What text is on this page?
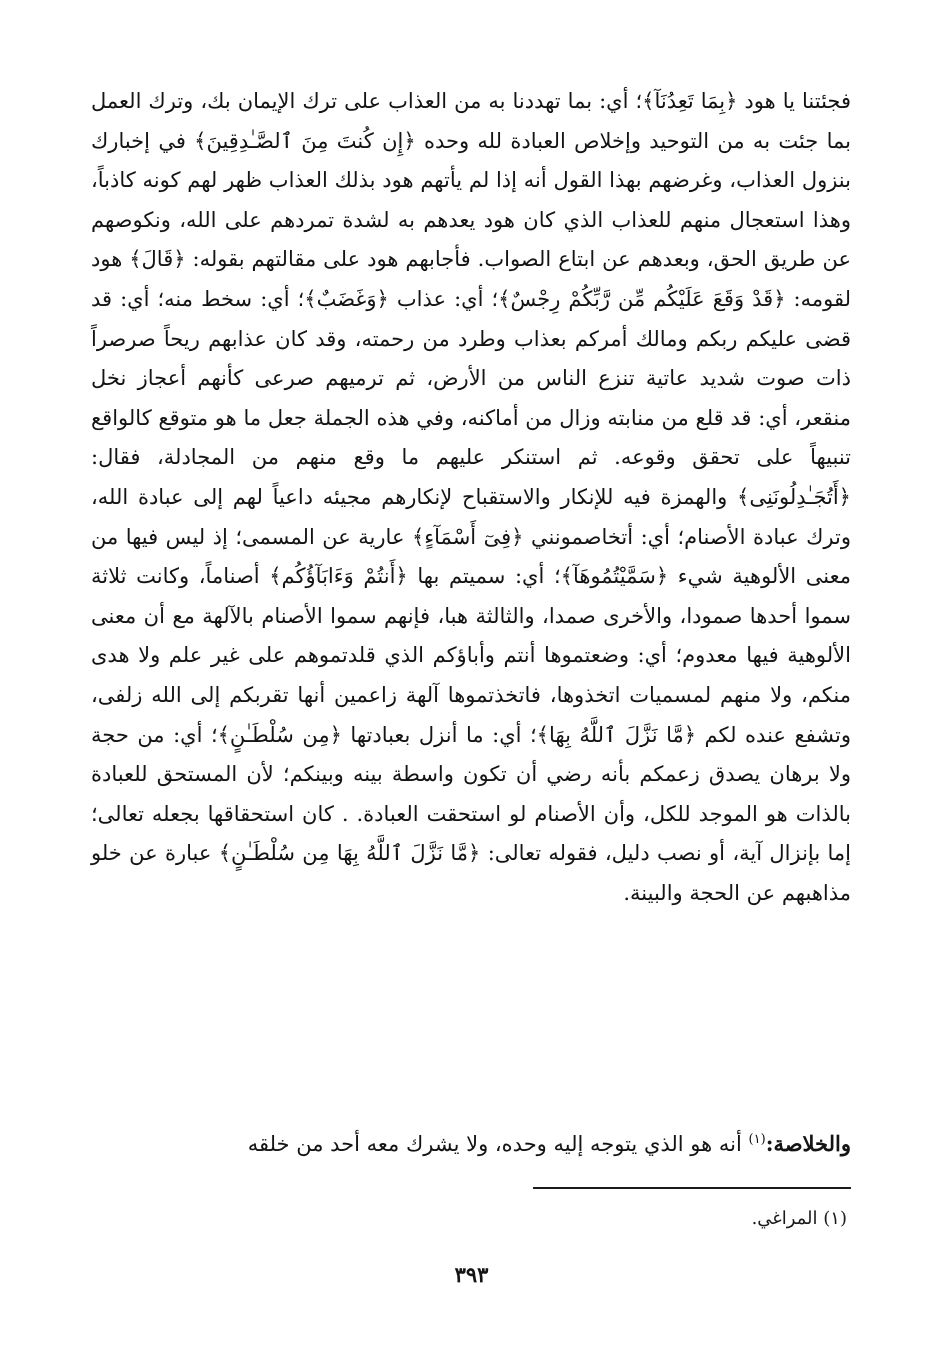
فجئتنا يا هود ﴿بِمَا تَعِدُنَآ﴾؛ أي: بما تهددنا به من العذاب على ترك الإيمان بك، وترك العمل بما جئت به من التوحيد وإخلاص العبادة لله وحده ﴿إِن كُنتَ مِنَ ٱلصَّـٰدِقِينَ﴾ في إخبارك بنزول العذاب، وغرضهم بهذا القول أنه إذا لم يأتهم هود بذلك العذاب ظهر لهم كونه كاذباً، وهذا استعجال منهم للعذاب الذي كان هود يعدهم به لشدة تمردهم على الله، ونكوصهم عن طريق الحق، وبعدهم عن ابتاع الصواب. فأجابهم هود على مقالتهم بقوله: ﴿قَالَ﴾ هود لقومه: ﴿قَدْ وَقَعَ عَلَيْكُم مِّن رَّبِّكُمْ رِجْسٌ﴾؛ أي: عذاب ﴿وَغَضَبٌ﴾؛ أي: سخط منه؛ أي: قد قضى عليكم ربكم ومالك أمركم بعذاب وطرد من رحمته، وقد كان عذابهم ريحاً صرصراً ذات صوت شديد عاتية تنزع الناس من الأرض، ثم ترميهم صرعى كأنهم أعجاز نخل منقعر، أي: قد قلع من منابته وزال من أماكنه، وفي هذه الجملة جعل ما هو متوقع كالواقع تنبيهاً على تحقق وقوعه. ثم استنكر عليهم ما وقع منهم من المجادلة، فقال: ﴿أَتُجَـٰدِلُونَنِى﴾ والهمزة فيه للإنكار والاستقباح لإنكارهم مجيئه داعياً لهم إلى عبادة الله، وترك عبادة الأصنام؛ أي: أتخاصمونني ﴿فِىٓ أَسْمَآءٍ﴾ عارية عن المسمى؛ إذ ليس فيها من معنى الألوهية شيء ﴿سَمَّيْتُمُوهَآ﴾؛ أي: سميتم بها ﴿أَنتُمْ وَءَابَآؤُكُم﴾ أصناماً، وكانت ثلاثة سموا أحدها صمودا، والأخرى صمدا، والثالثة هبا، فإنهم سموا الأصنام بالآلهة مع أن معنى الألوهية فيها معدوم؛ أي: وضعتموها أنتم وأباؤكم الذي قلدتموهم على غير علم ولا هدى منكم، ولا منهم لمسميات اتخذوها، فاتخذتموها آلهة زاعمين أنها تقربكم إلى الله زلفى، وتشفع عنده لكم ﴿مَّا نَزَّلَ ٱللَّهُ بِهَا﴾؛ أي: ما أنزل بعبادتها ﴿مِن سُلْطَـٰنٍ﴾؛ أي: من حجة ولا برهان يصدق زعمكم بأنه رضي أن تكون واسطة بينه وبينكم؛ لأن المستحق للعبادة بالذات هو الموجد للكل، وأن الأصنام لو استحقت العبادة. . كان استحقاقها بجعله تعالى؛ إما بإنزال آية، أو نصب دليل، فقوله تعالى: ﴿مَّا نَزَّلَ ٱللَّهُ بِهَا مِن سُلْطَـٰنٍ﴾ عبارة عن خلو مذاهبهم عن الحجة والبينة.

والخلاصة:$^{(١)}$ أنه هو الذي يتوجه إليه وحده، ولا يشرك معه أحد من خلقه

(١) المراغي.

٣٩٣
